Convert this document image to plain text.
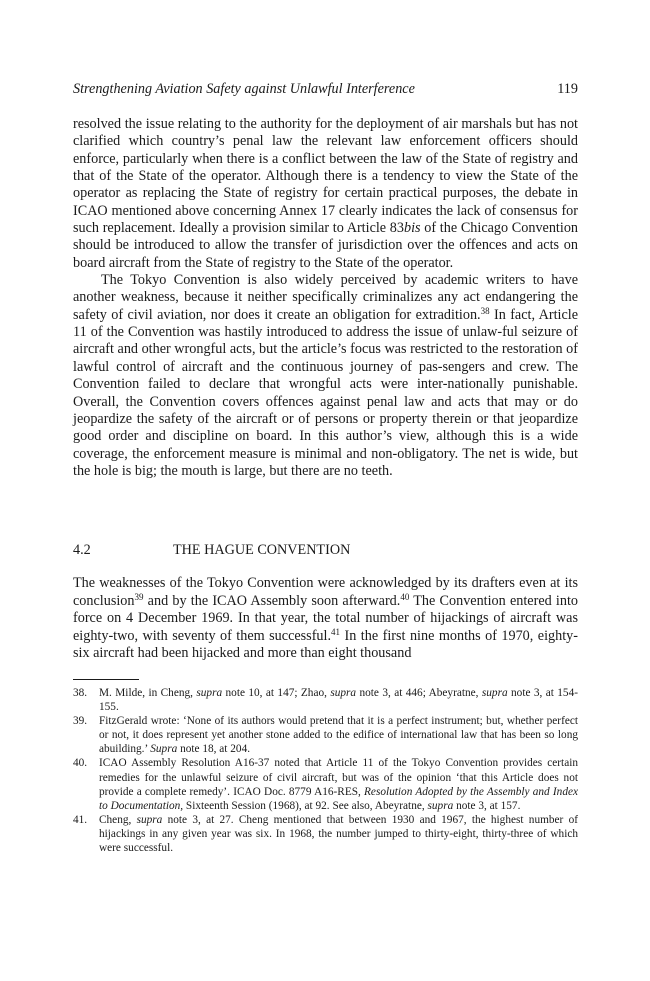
Strengthening Aviation Safety against Unlawful Interference	119

resolved the issue relating to the authority for the deployment of air marshals but has not clarified which country’s penal law the relevant law enforcement officers should enforce, particularly when there is a conflict between the law of the State of registry and that of the State of the operator. Although there is a tendency to view the State of the operator as replacing the State of registry for certain practical purposes, the debate in ICAO mentioned above concerning Annex 17 clearly indicates the lack of consensus for such replacement. Ideally a provision similar to Article 83bis of the Chicago Convention should be introduced to allow the transfer of jurisdiction over the offences and acts on board aircraft from the State of registry to the State of the operator.

The Tokyo Convention is also widely perceived by academic writers to have another weakness, because it neither specifically criminalizes any act endangering the safety of civil aviation, nor does it create an obligation for extradition.$^{38}$ In fact, Article 11 of the Convention was hastily introduced to address the issue of unlaw-ful seizure of aircraft and other wrongful acts, but the article’s focus was restricted to the restoration of lawful control of aircraft and the continuous journey of pas-sengers and crew. The Convention failed to declare that wrongful acts were inter-nationally punishable. Overall, the Convention covers offences against penal law and acts that may or do jeopardize the safety of the aircraft or of persons or property therein or that jeopardize good order and discipline on board. In this author’s view, although this is a wide coverage, the enforcement measure is minimal and non-obligatory. The net is wide, but the hole is big; the mouth is large, but there are no teeth.

4.2	THE HAGUE CONVENTION

The weaknesses of the Tokyo Convention were acknowledged by its drafters even at its conclusion$^{39}$ and by the ICAO Assembly soon afterward.$^{40}$ The Convention entered into force on 4 December 1969. In that year, the total number of hijackings of aircraft was eighty-two, with seventy of them successful.$^{41}$ In the first nine months of 1970, eighty-six aircraft had been hijacked and more than eight thousand

38. M. Milde, in Cheng, supra note 10, at 147; Zhao, supra note 3, at 446; Abeyratne, supra note 3, at 154-155.

39. FitzGerald wrote: ‘None of its authors would pretend that it is a perfect instrument; but, whether perfect or not, it does represent yet another stone added to the edifice of international law that has been so long abuilding.’ Supra note 18, at 204.

40. ICAO Assembly Resolution A16-37 noted that Article 11 of the Tokyo Convention provides certain remedies for the unlawful seizure of civil aircraft, but was of the opinion ‘that this Article does not provide a complete remedy’. ICAO Doc. 8779 A16-RES, Resolution Adopted by the Assembly and Index to Documentation, Sixteenth Session (1968), at 92. See also, Abeyratne, supra note 3, at 157.

41. Cheng, supra note 3, at 27. Cheng mentioned that between 1930 and 1967, the highest number of hijackings in any given year was six. In 1968, the number jumped to thirty-eight, thirty-three of which were successful.
